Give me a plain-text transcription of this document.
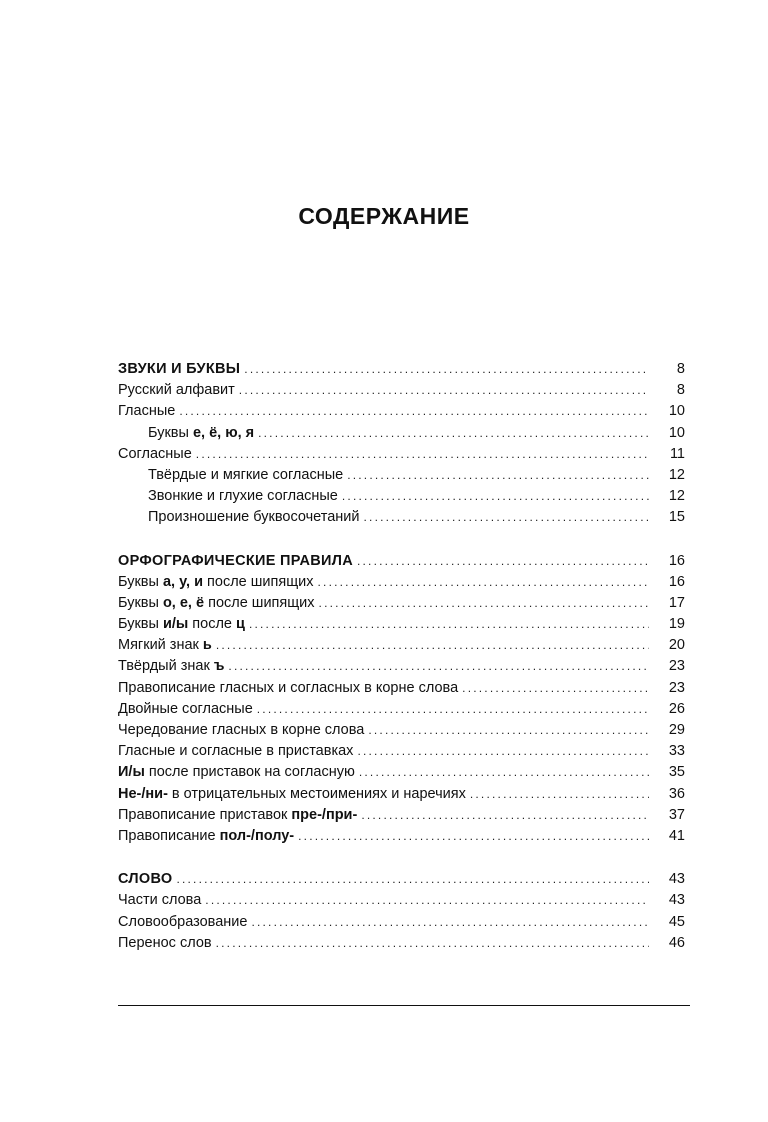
СОДЕРЖАНИЕ
ЗВУКИ И БУКВЫ .....	8
Русский алфавит .....	8
Гласные .....	10
Буквы е, ё, ю, я .....	10
Согласные .....	11
Твёрдые и мягкие согласные .....	12
Звонкие и глухие согласные .....	12
Произношение буквосочетаний .....	15
ОРФОГРАФИЧЕСКИЕ ПРАВИЛА .....	16
Буквы а, у, и после шипящих .....	16
Буквы о, е, ё после шипящих .....	17
Буквы и/ы после ц .....	19
Мягкий знак ь .....	20
Твёрдый знак ъ .....	23
Правописание гласных и согласных в корне слова .....	23
Двойные согласные .....	26
Чередование гласных в корне слова .....	29
Гласные и согласные в приставках .....	33
И/ы после приставок на согласную .....	35
Не-/ни- в отрицательных местоимениях и наречиях .....	36
Правописание приставок пре-/при- .....	37
Правописание пол-/полу- .....	41
СЛОВО .....	43
Части слова .....	43
Словообразование .....	45
Перенос слов .....	46
